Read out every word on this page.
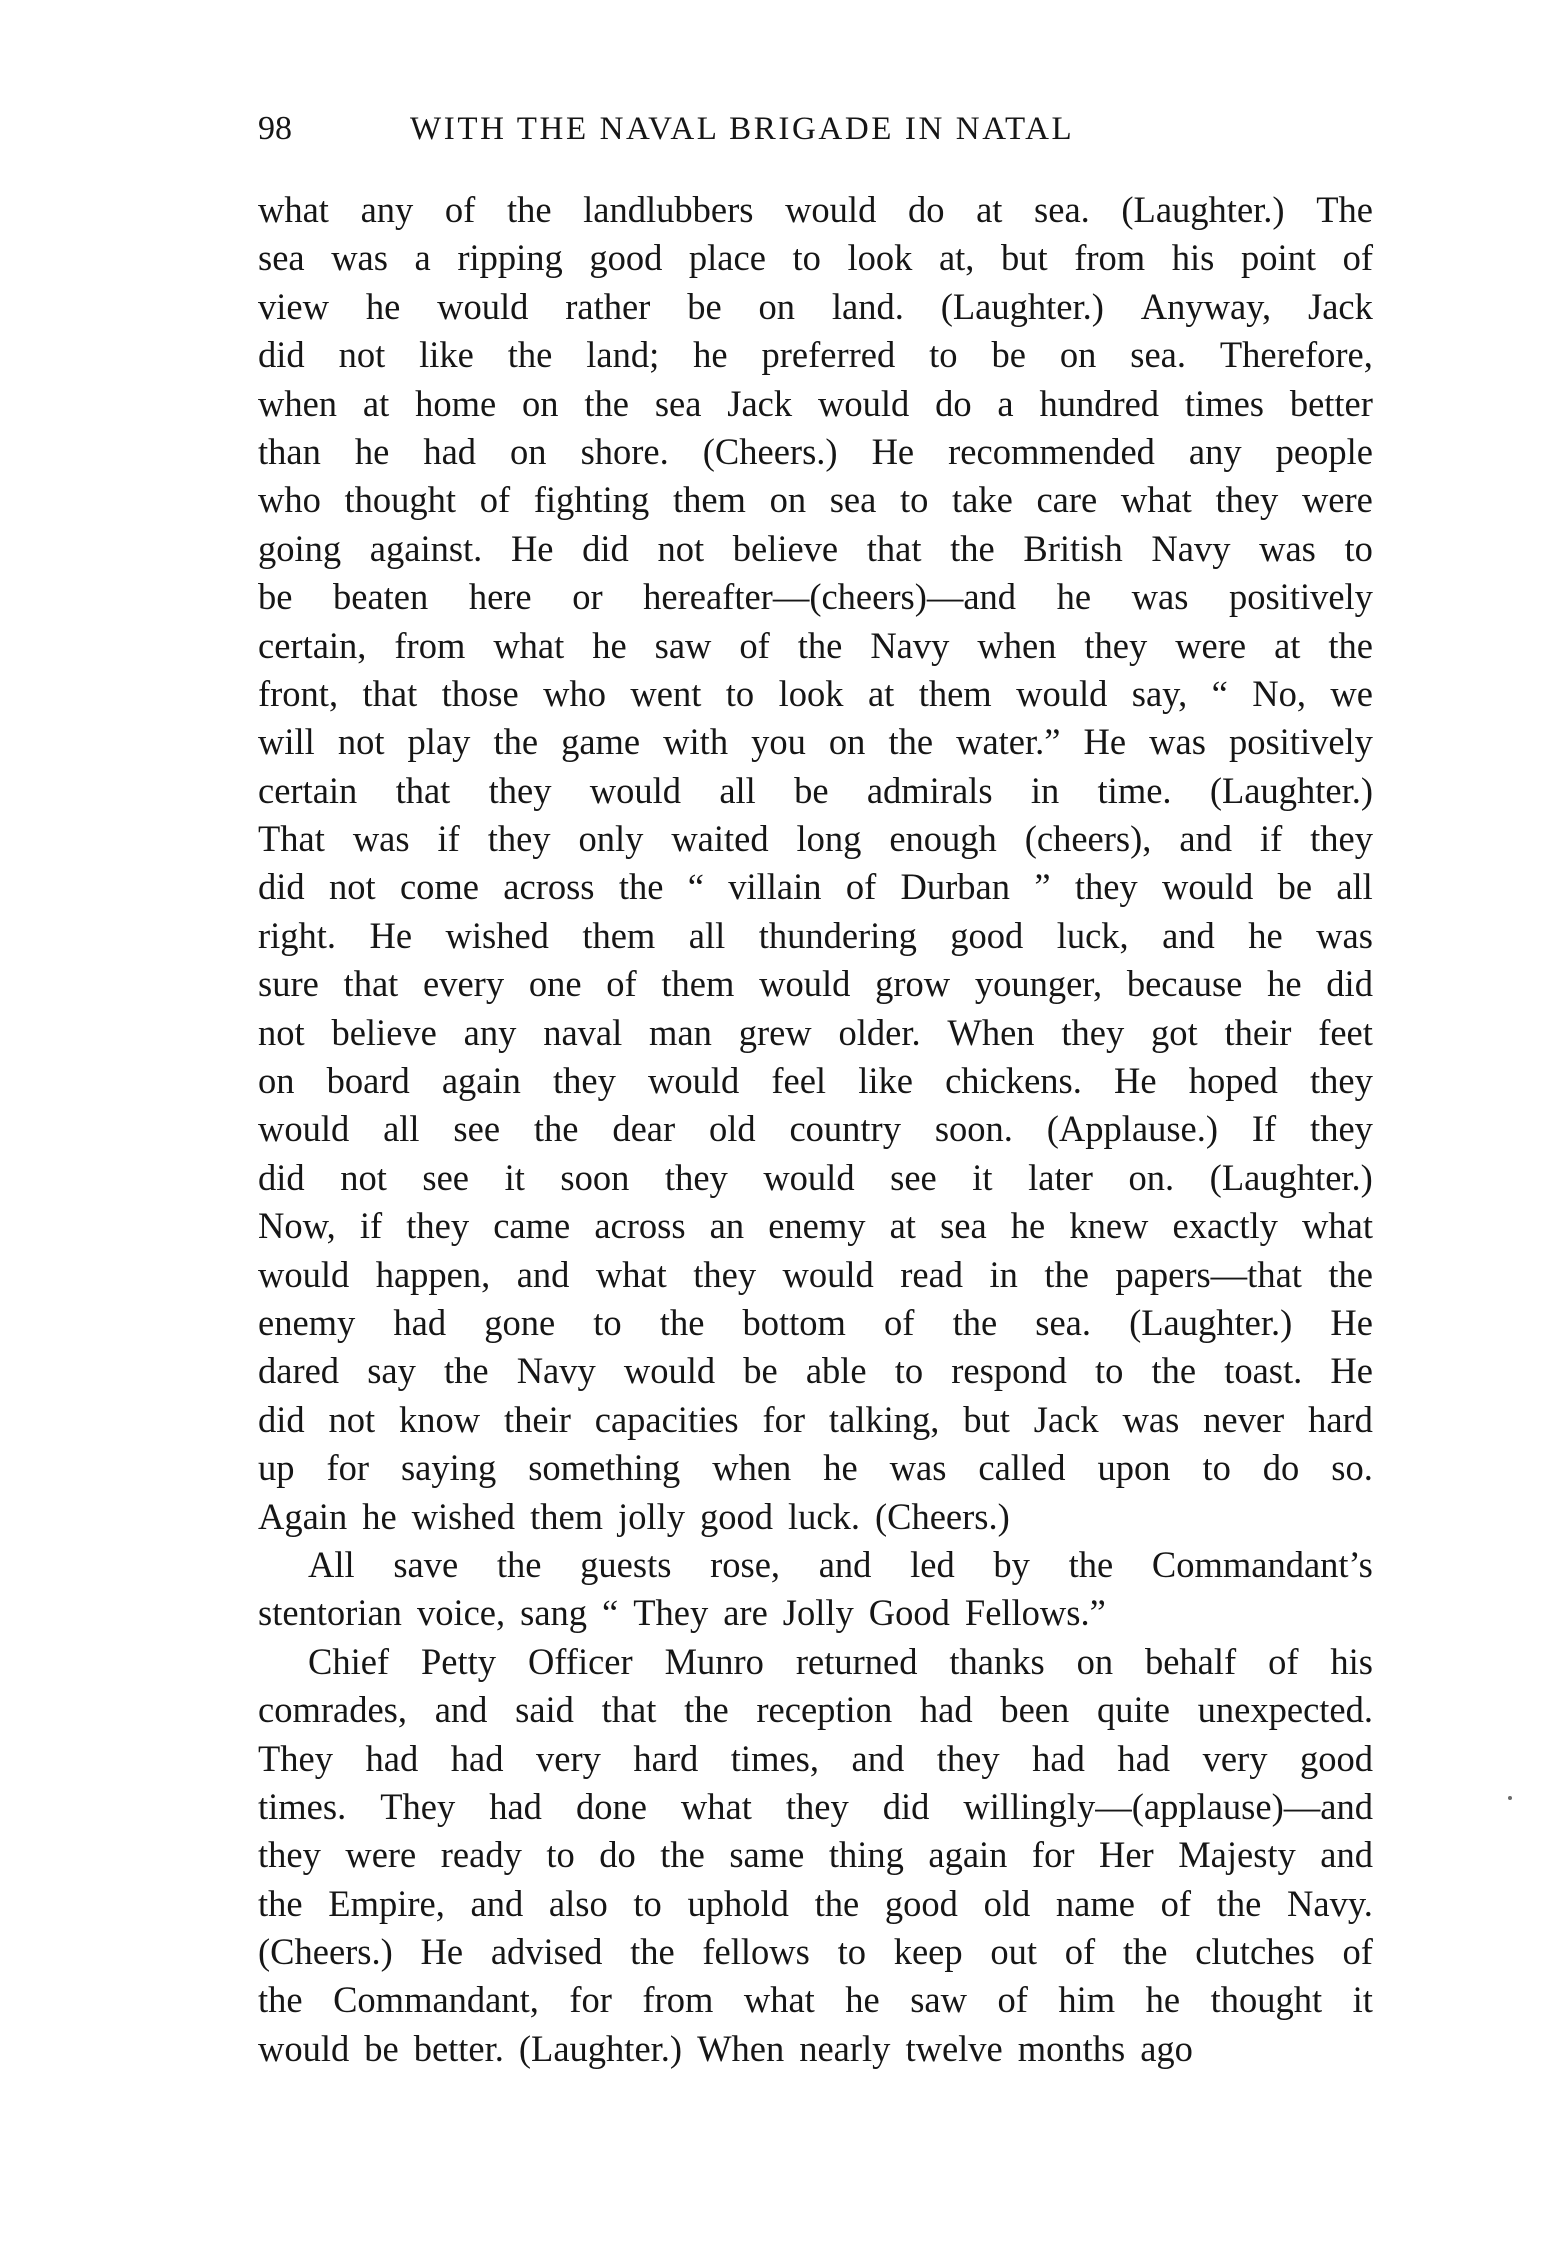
98	WITH THE NAVAL BRIGADE IN NATAL
what any of the landlubbers would do at sea. (Laughter.) The
sea was a ripping good place to look at, but from his point of
view he would rather be on land. (Laughter.) Anyway, Jack
did not like the land; he preferred to be on sea. Therefore,
when at home on the sea Jack would do a hundred times better
than he had on shore. (Cheers.) He recommended any people
who thought of fighting them on sea to take care what they were
going against. He did not believe that the British Navy was to
be beaten here or hereafter—(cheers)—and he was positively
certain, from what he saw of the Navy when they were at the
front, that those who went to look at them would say, “ No, we
will not play the game with you on the water.” He was positively
certain that they would all be admirals in time. (Laughter.)
That was if they only waited long enough (cheers), and if they
did not come across the “ villain of Durban ” they would be all
right. He wished them all thundering good luck, and he was
sure that every one of them would grow younger, because he did
not believe any naval man grew older. When they got their feet
on board again they would feel like chickens. He hoped they
would all see the dear old country soon. (Applause.) If they
did not see it soon they would see it later on. (Laughter.)
Now, if they came across an enemy at sea he knew exactly what
would happen, and what they would read in the papers—that the
enemy had gone to the bottom of the sea. (Laughter.) He
dared say the Navy would be able to respond to the toast. He
did not know their capacities for talking, but Jack was never hard
up for saying something when he was called upon to do so.
Again he wished them jolly good luck. (Cheers.)
All save the guests rose, and led by the Commandant’s
stentorian voice, sang “ They are Jolly Good Fellows.”
Chief Petty Officer Munro returned thanks on behalf of his
comrades, and said that the reception had been quite unexpected.
They had had very hard times, and they had had very good
times. They had done what they did willingly—(applause)—and
they were ready to do the same thing again for Her Majesty and
the Empire, and also to uphold the good old name of the Navy.
(Cheers.) He advised the fellows to keep out of the clutches of
the Commandant, for from what he saw of him he thought it
would be better. (Laughter.) When nearly twelve months ago
